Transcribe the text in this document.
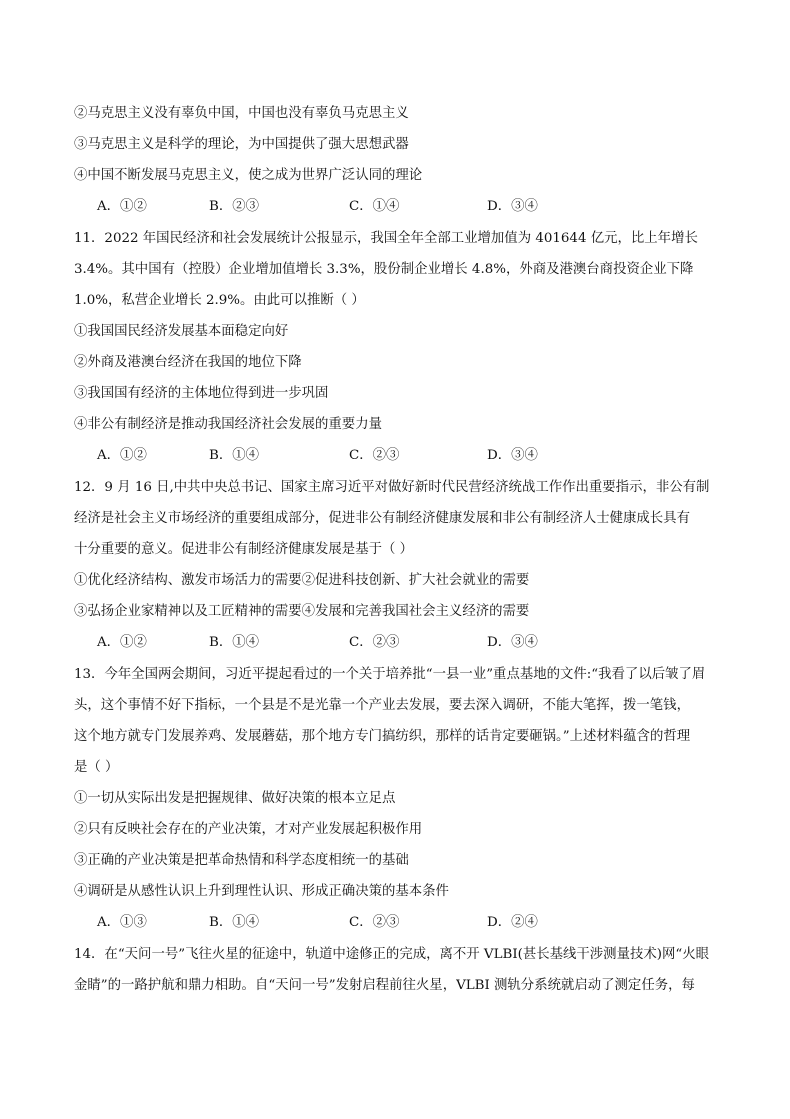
②马克思主义没有辜负中国，中国也没有辜负马克思主义
③马克思主义是科学的理论，为中国提供了强大思想武器
④中国不断发展马克思主义，使之成为世界广泛认同的理论
A．①②	B．②③	C．①④	D．③④
11．2022 年国民经济和社会发展统计公报显示，我国全年全部工业增加值为 401644 亿元，比上年增长
3.4%。其中国有（控股）企业增加值增长 3.3%，股份制企业增长 4.8%，外商及港澳台商投资企业下降
1.0%，私营企业增长 2.9%。由此可以推断（ ）
①我国国民经济发展基本面稳定向好
②外商及港澳台经济在我国的地位下降
③我国国有经济的主体地位得到进一步巩固
④非公有制经济是推动我国经济社会发展的重要力量
A．①②	B．①④	C．②③	D．③④
12．9 月 16 日,中共中央总书记、国家主席习近平对做好新时代民营经济统战工作作出重要指示，非公有制
经济是社会主义市场经济的重要组成部分，促进非公有制经济健康发展和非公有制经济人士健康成长具有
十分重要的意义。促进非公有制经济健康发展是基于（ ）
①优化经济结构、激发市场活力的需要②促进科技创新、扩大社会就业的需要
③弘扬企业家精神以及工匠精神的需要④发展和完善我国社会主义经济的需要
A．①②	B．①④	C．②③	D．③④
13．今年全国两会期间，习近平提起看过的一个关于培养批“一县一业”重点基地的文件:“我看了以后皱了眉
头，这个事情不好下指标，一个县是不是光靠一个产业去发展，要去深入调研，不能大笔挥，拨一笔钱，
这个地方就专门发展养鸡、发展蘑菇，那个地方专门搞纺织，那样的话肯定要砸锅。”上述材料蕴含的哲理
是（ ）
①一切从实际出发是把握规律、做好决策的根本立足点
②只有反映社会存在的产业决策，才对产业发展起积极作用
③正确的产业决策是把革命热情和科学态度相统一的基础
④调研是从感性认识上升到理性认识、形成正确决策的基本条件
A．①③	B．①④	C．②③	D．②④
14．在“天问一号”飞往火星的征途中，轨道中途修正的完成，离不开 VLBI(甚长基线干涉测量技术)网“火眼
金睛”的一路护航和鼎力相助。自“天问一号”发射启程前往火星，VLBI 测轨分系统就启动了测定任务，每
